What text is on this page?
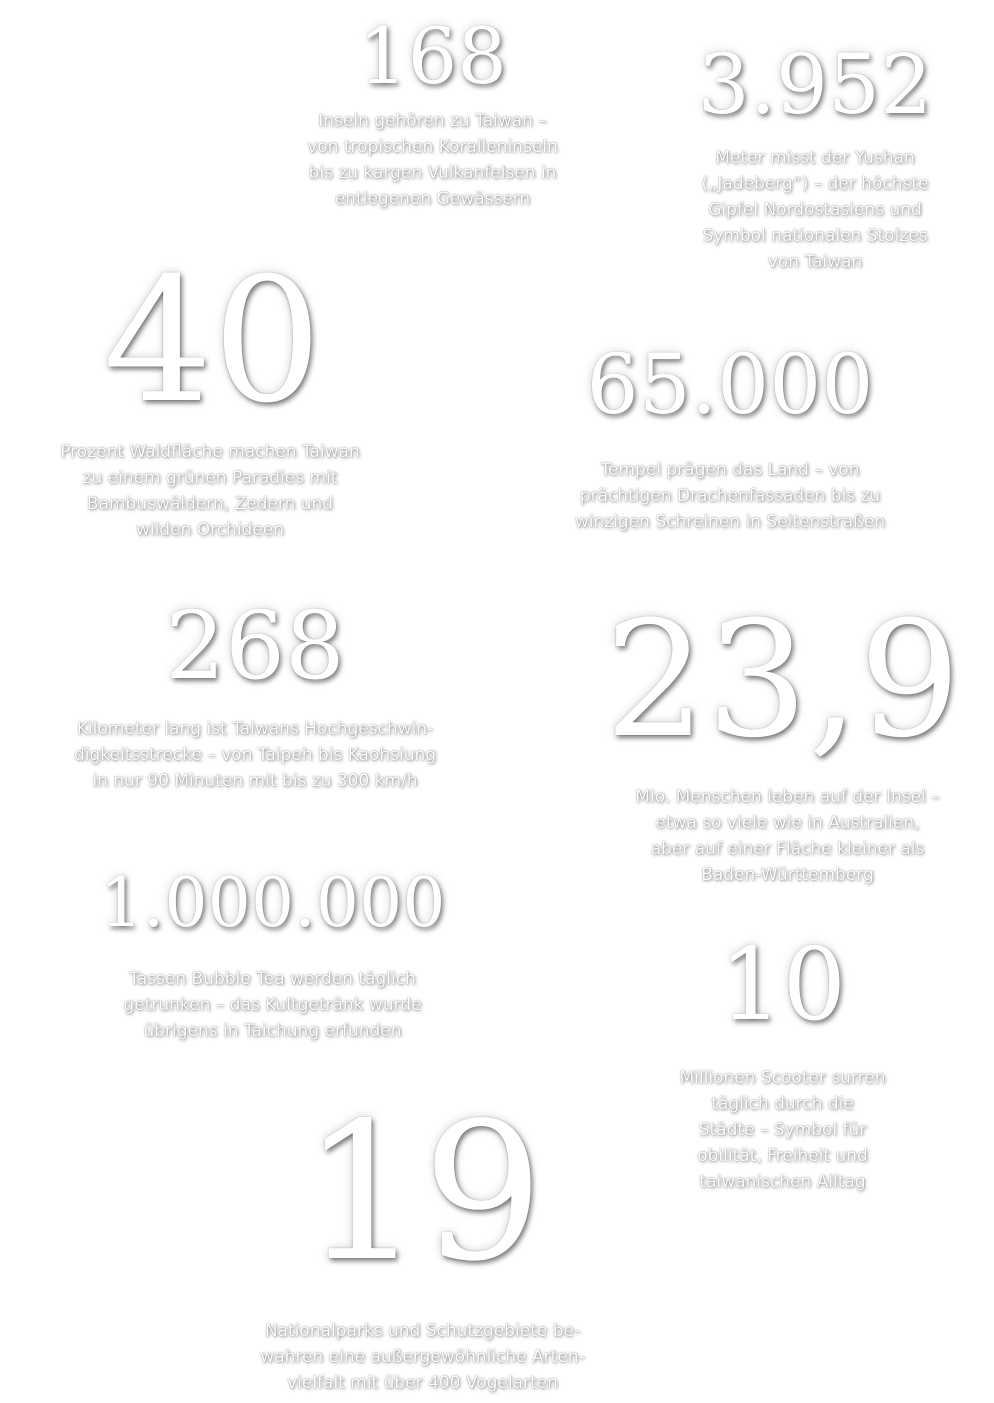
168
Inseln gehören zu Taiwan –
von tropischen Koralleninseln
bis zu kargen Vulkanfelsen in
entlegenen Gewässern
3.952
Meter misst der Yushan
(„Jadeberg“) – der höchste
Gipfel Nordostasiens und
Symbol nationalen Stolzes
von Taiwan
40
Prozent Waldfläche machen Taiwan
zu einem grünen Paradies mit
Bambuswäldern, Zedern und
wilden Orchideen
65.000
Tempel prägen das Land – von
prächtigen Drachenfassaden bis zu
winzigen Schreinen in Seitenstraßen
268
Kilometer lang ist Taiwans Hochgeschwin-
digkeitsstrecke – von Taipeh bis Kaohsiung
in nur 90 Minuten mit bis zu 300 km/h
23,9
Mio. Menschen leben auf der Insel –
etwa so viele wie in Australien,
aber auf einer Fläche kleiner als
Baden-Württemberg
1.000.000
Tassen Bubble Tea werden täglich
getrunken – das Kultgetränk wurde
übrigens in Taichung erfunden	10
Millionen Scooter surren
täglich durch die
Städte – Symbol für
obilität, Freiheit und
taiwanischen Alltag
19
Nationalparks und Schutzgebiete be-
wahren eine außergewöhnliche Arten-
vielfalt mit über 400 Vogelarten
